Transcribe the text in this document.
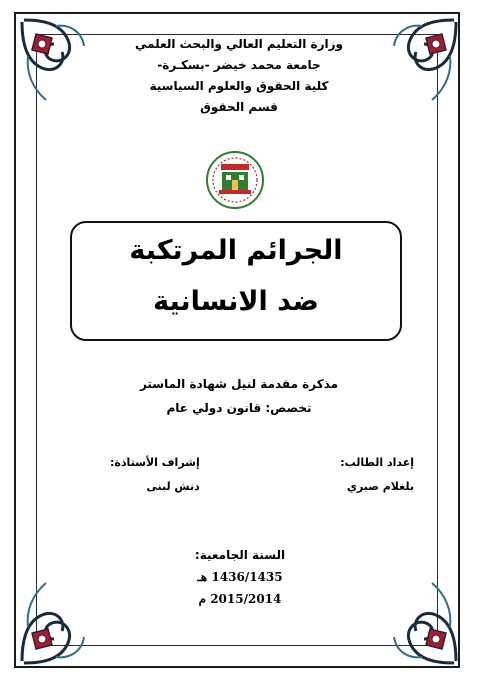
وزارة التعليم العالي والبحث العلمي
جامعة محمد خيضر -بسكـرة-
كلية الحقوق والعلوم السياسية
قسم الحقوق
الجرائم المرتكبة
ضد الانسانية
مذكرة مقدمة لنيل شهادة الماستر
تخصص: قانون دولي عام
إعداد الطالب:
بلغلام صبري
إشراف الأستاذة:
دنش لبنى
السنة الجامعية:
1436/1435 هـ
2015/2014 م
